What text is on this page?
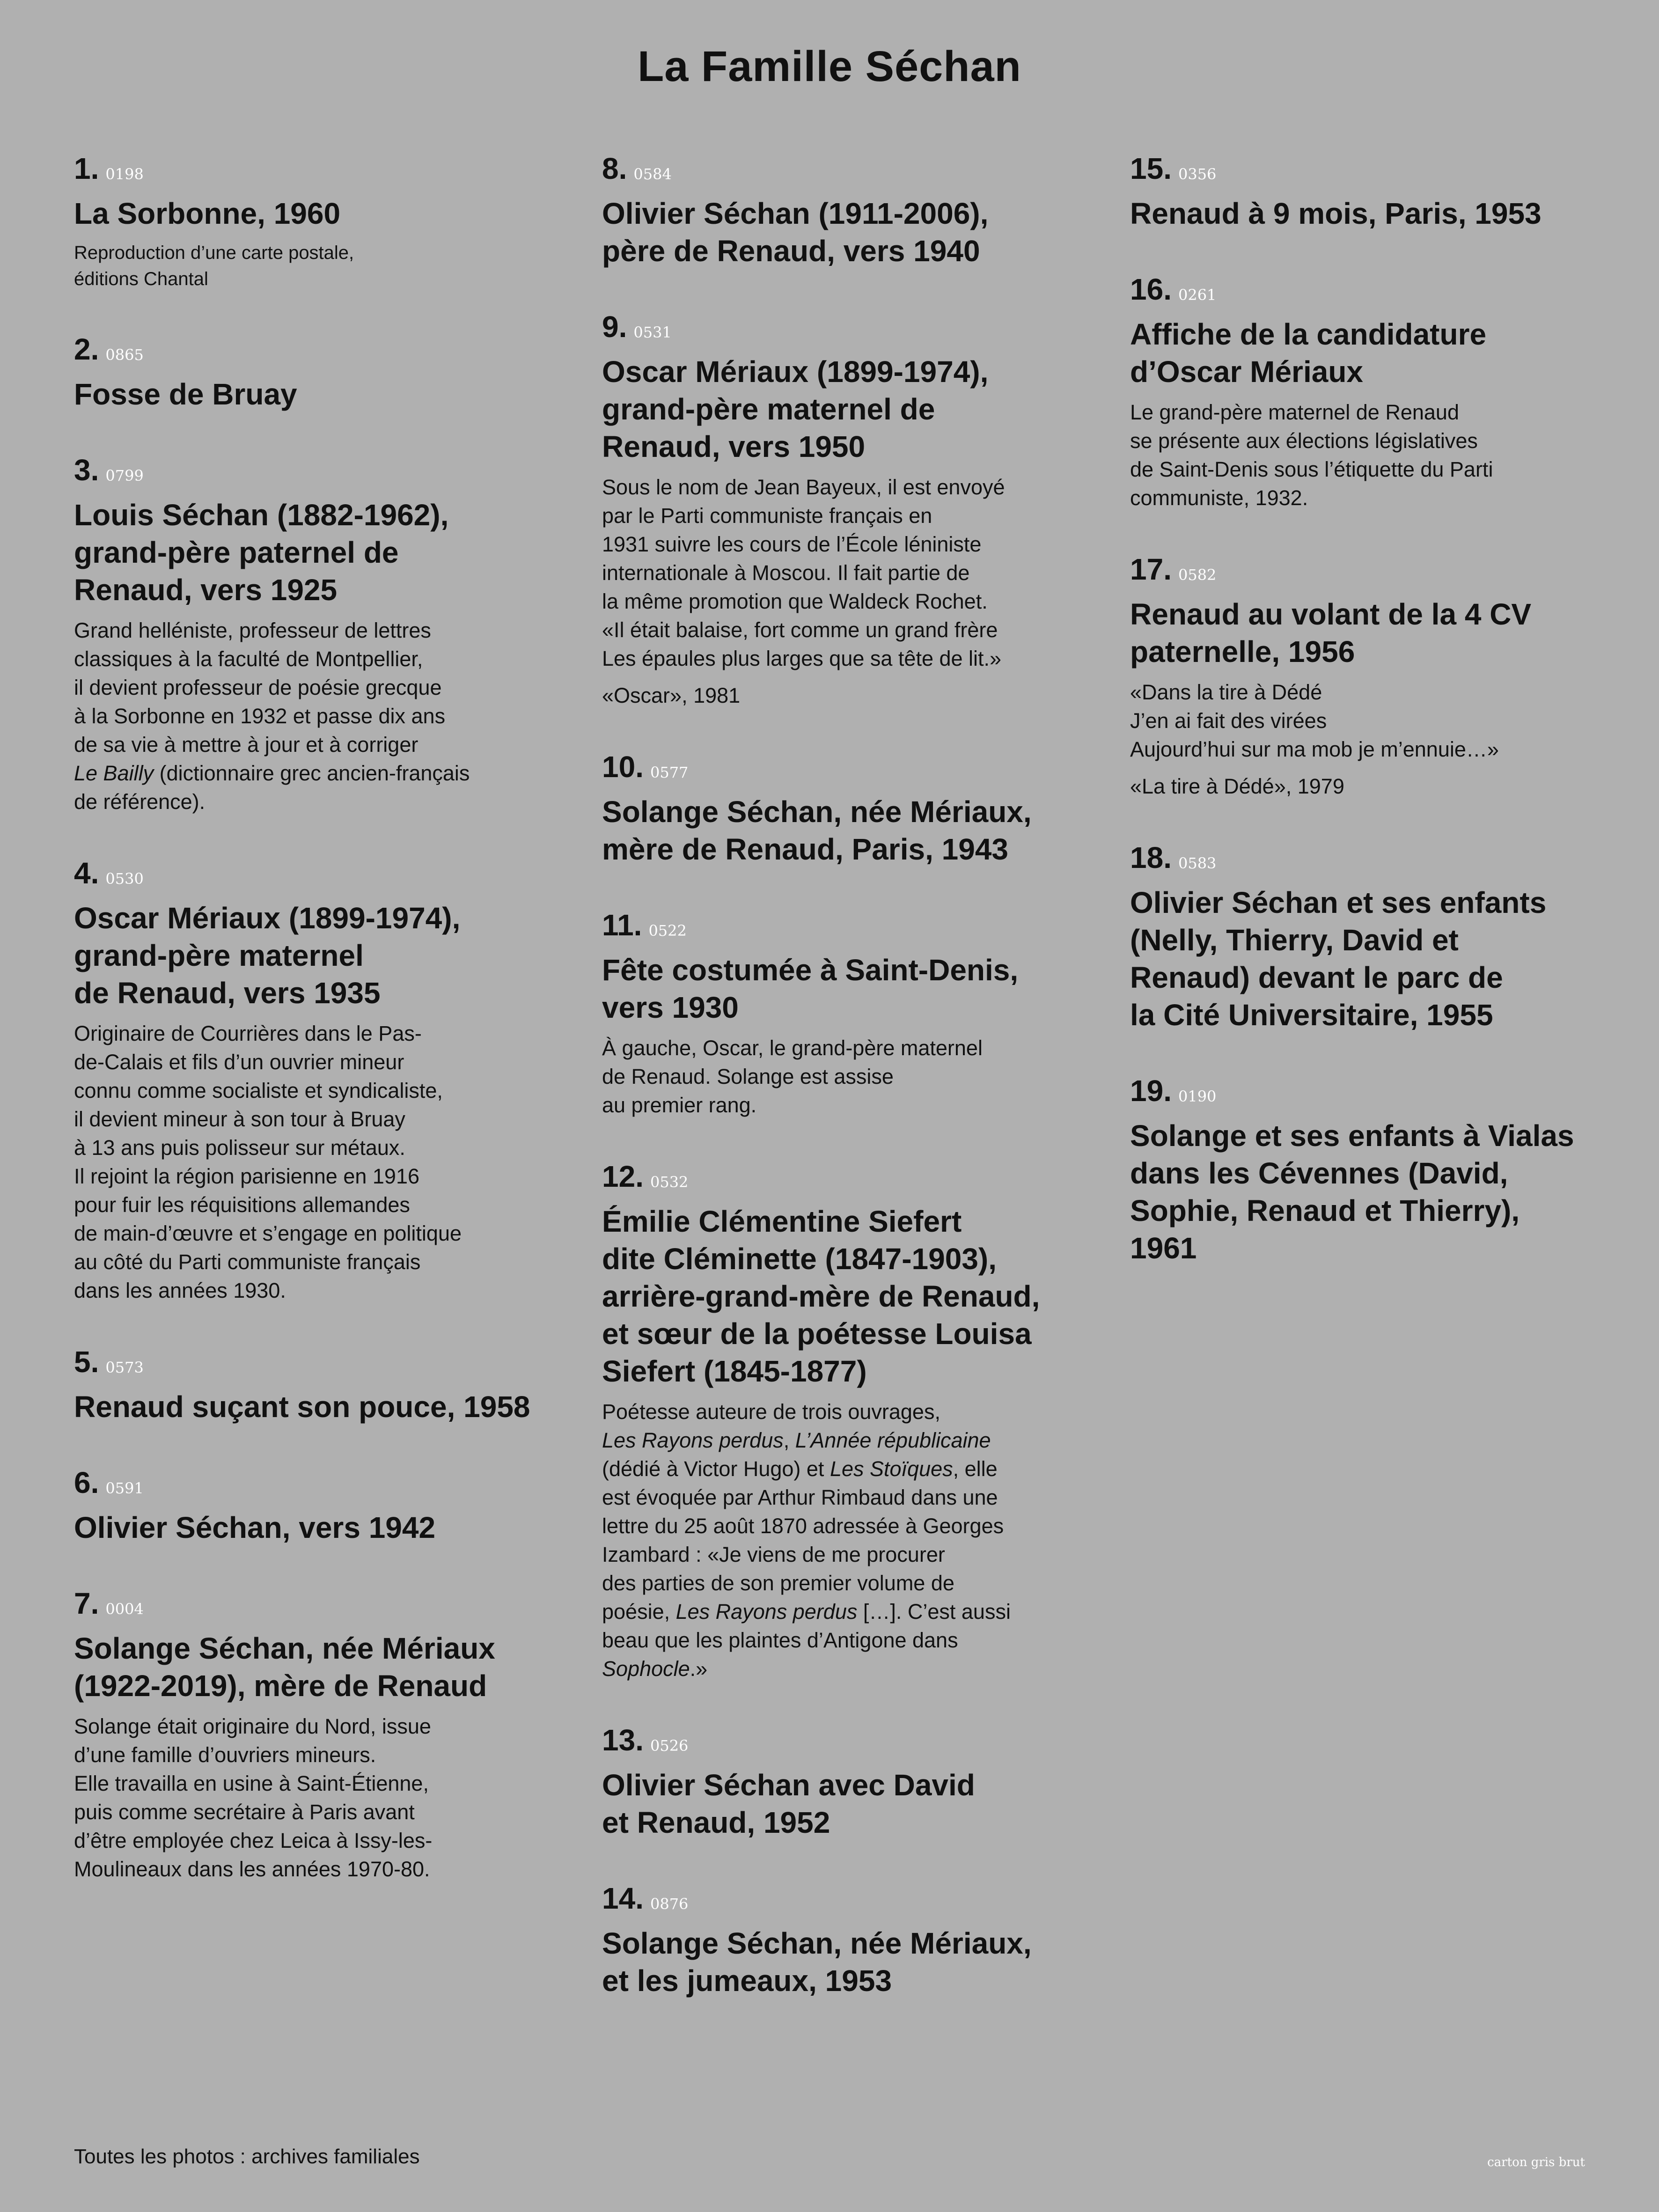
La Famille Séchan
1. 0198
La Sorbonne, 1960

Reproduction d’une carte postale,
éditions Chantal

2. 0865
Fosse de Bruay
3. 0799
Louis Séchan (1882-1962),
grand-père paternel de
Renaud, vers 1925

Grand helléniste, professeur de lettres
classiques à la faculté de Montpellier,
il devient professeur de poésie grecque
à la Sorbonne en 1932 et passe dix ans
de sa vie à mettre à jour et à corriger
Le Bailly (dictionnaire grec ancien-français
de référence).

4. 0530
Oscar Mériaux (1899-1974),
grand-père maternel
de Renaud, vers 1935

Originaire de Courrières dans le Pas-
de-Calais et fils d’un ouvrier mineur
connu comme socialiste et syndicaliste,
il devient mineur à son tour à Bruay
à 13 ans puis polisseur sur métaux.
Il rejoint la région parisienne en 1916
pour fuir les réquisitions allemandes
de main-d’œuvre et s’engage en politique
au côté du Parti communiste français
dans les années 1930.

5. 0573
Renaud suçant son pouce, 1958
6. 0591
Olivier Séchan, vers 1942
7. 0004
Solange Séchan, née Mériaux
(1922-2019), mère de Renaud

Solange était originaire du Nord, issue
d’une famille d’ouvriers mineurs.
Elle travailla en usine à Saint-Étienne,
puis comme secrétaire à Paris avant
d’être employée chez Leica à Issy-les-
Moulineaux dans les années 1970-80.

8. 0584
Olivier Séchan (1911-2006),
père de Renaud, vers 1940
9. 0531
Oscar Mériaux (1899-1974),
grand-père maternel de
Renaud, vers 1950

Sous le nom de Jean Bayeux, il est envoyé
par le Parti communiste français en
1931 suivre les cours de l’École léniniste
internationale à Moscou. Il fait partie de
la même promotion que Waldeck Rochet.
«Il était balaise, fort comme un grand frère
Les épaules plus larges que sa tête de lit.»

«Oscar», 1981
10. 0577
Solange Séchan, née Mériaux,
mère de Renaud, Paris, 1943
11. 0522
Fête costumée à Saint-Denis,
vers 1930

À gauche, Oscar, le grand-père maternel
de Renaud. Solange est assise
au premier rang.

12. 0532
Émilie Clémentine Siefert
dite Cléminette (1847-1903),
arrière-grand-mère de Renaud,
et sœur de la poétesse Louisa
Siefert (1845-1877)

Poétesse auteure de trois ouvrages,
Les Rayons perdus, L’Année républicaine
(dédié à Victor Hugo) et Les Stoïques, elle
est évoquée par Arthur Rimbaud dans une
lettre du 25 août 1870 adressée à Georges
Izambard : «Je viens de me procurer
des parties de son premier volume de
poésie, Les Rayons perdus […]. C’est aussi
beau que les plaintes d’Antigone dans
Sophocle.»

13. 0526
Olivier Séchan avec David
et Renaud, 1952
14. 0876
Solange Séchan, née Mériaux,
et les jumeaux, 1953
15. 0356
Renaud à 9 mois, Paris, 1953
16. 0261
Affiche de la candidature
d’Oscar Mériaux

Le grand-père maternel de Renaud
se présente aux élections législatives
de Saint-Denis sous l’étiquette du Parti
communiste, 1932.

17. 0582
Renaud au volant de la 4 CV
paternelle, 1956

«Dans la tire à Dédé
J’en ai fait des virées
Aujourd’hui sur ma mob je m’ennuie…»

«La tire à Dédé», 1979
18. 0583
Olivier Séchan et ses enfants
(Nelly, Thierry, David et
Renaud) devant le parc de
la Cité Universitaire, 1955
19. 0190
Solange et ses enfants à Vialas
dans les Cévennes (David,
Sophie, Renaud et Thierry),
1961
Toutes les photos : archives familiales	carton gris brut
